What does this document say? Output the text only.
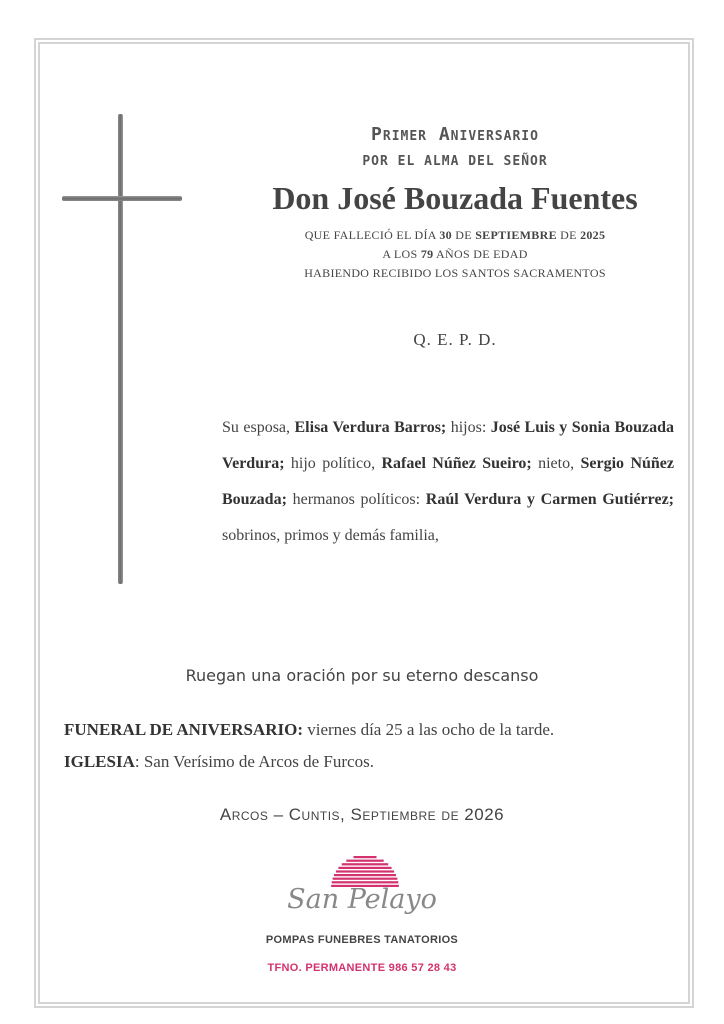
Primer Aniversario
POR EL ALMA DEL SEÑOR
Don José Bouzada Fuentes
QUE FALLECIÓ EL DÍA 30 DE SEPTIEMBRE DE 2025
A LOS 79 AÑOS DE EDAD
HABIENDO RECIBIDO LOS SANTOS SACRAMENTOS
Q. E. P. D.
Su esposa, Elisa Verdura Barros; hijos: José Luis y Sonia Bouzada Verdura; hijo político, Rafael Núñez Sueiro; nieto, Sergio Núñez Bouzada; hermanos políticos: Raúl Verdura y Carmen Gutiérrez; sobrinos, primos y demás familia,
Ruegan una oración por su eterno descanso
FUNERAL DE ANIVERSARIO: viernes día 25 a las ocho de la tarde.
IGLESIA: San Verísimo de Arcos de Furcos.
Arcos – Cuntis, Septiembre de 2026
San Pelayo
POMPAS FUNEBRES TANATORIOS
TFNO. PERMANENTE 986 57 28 43
